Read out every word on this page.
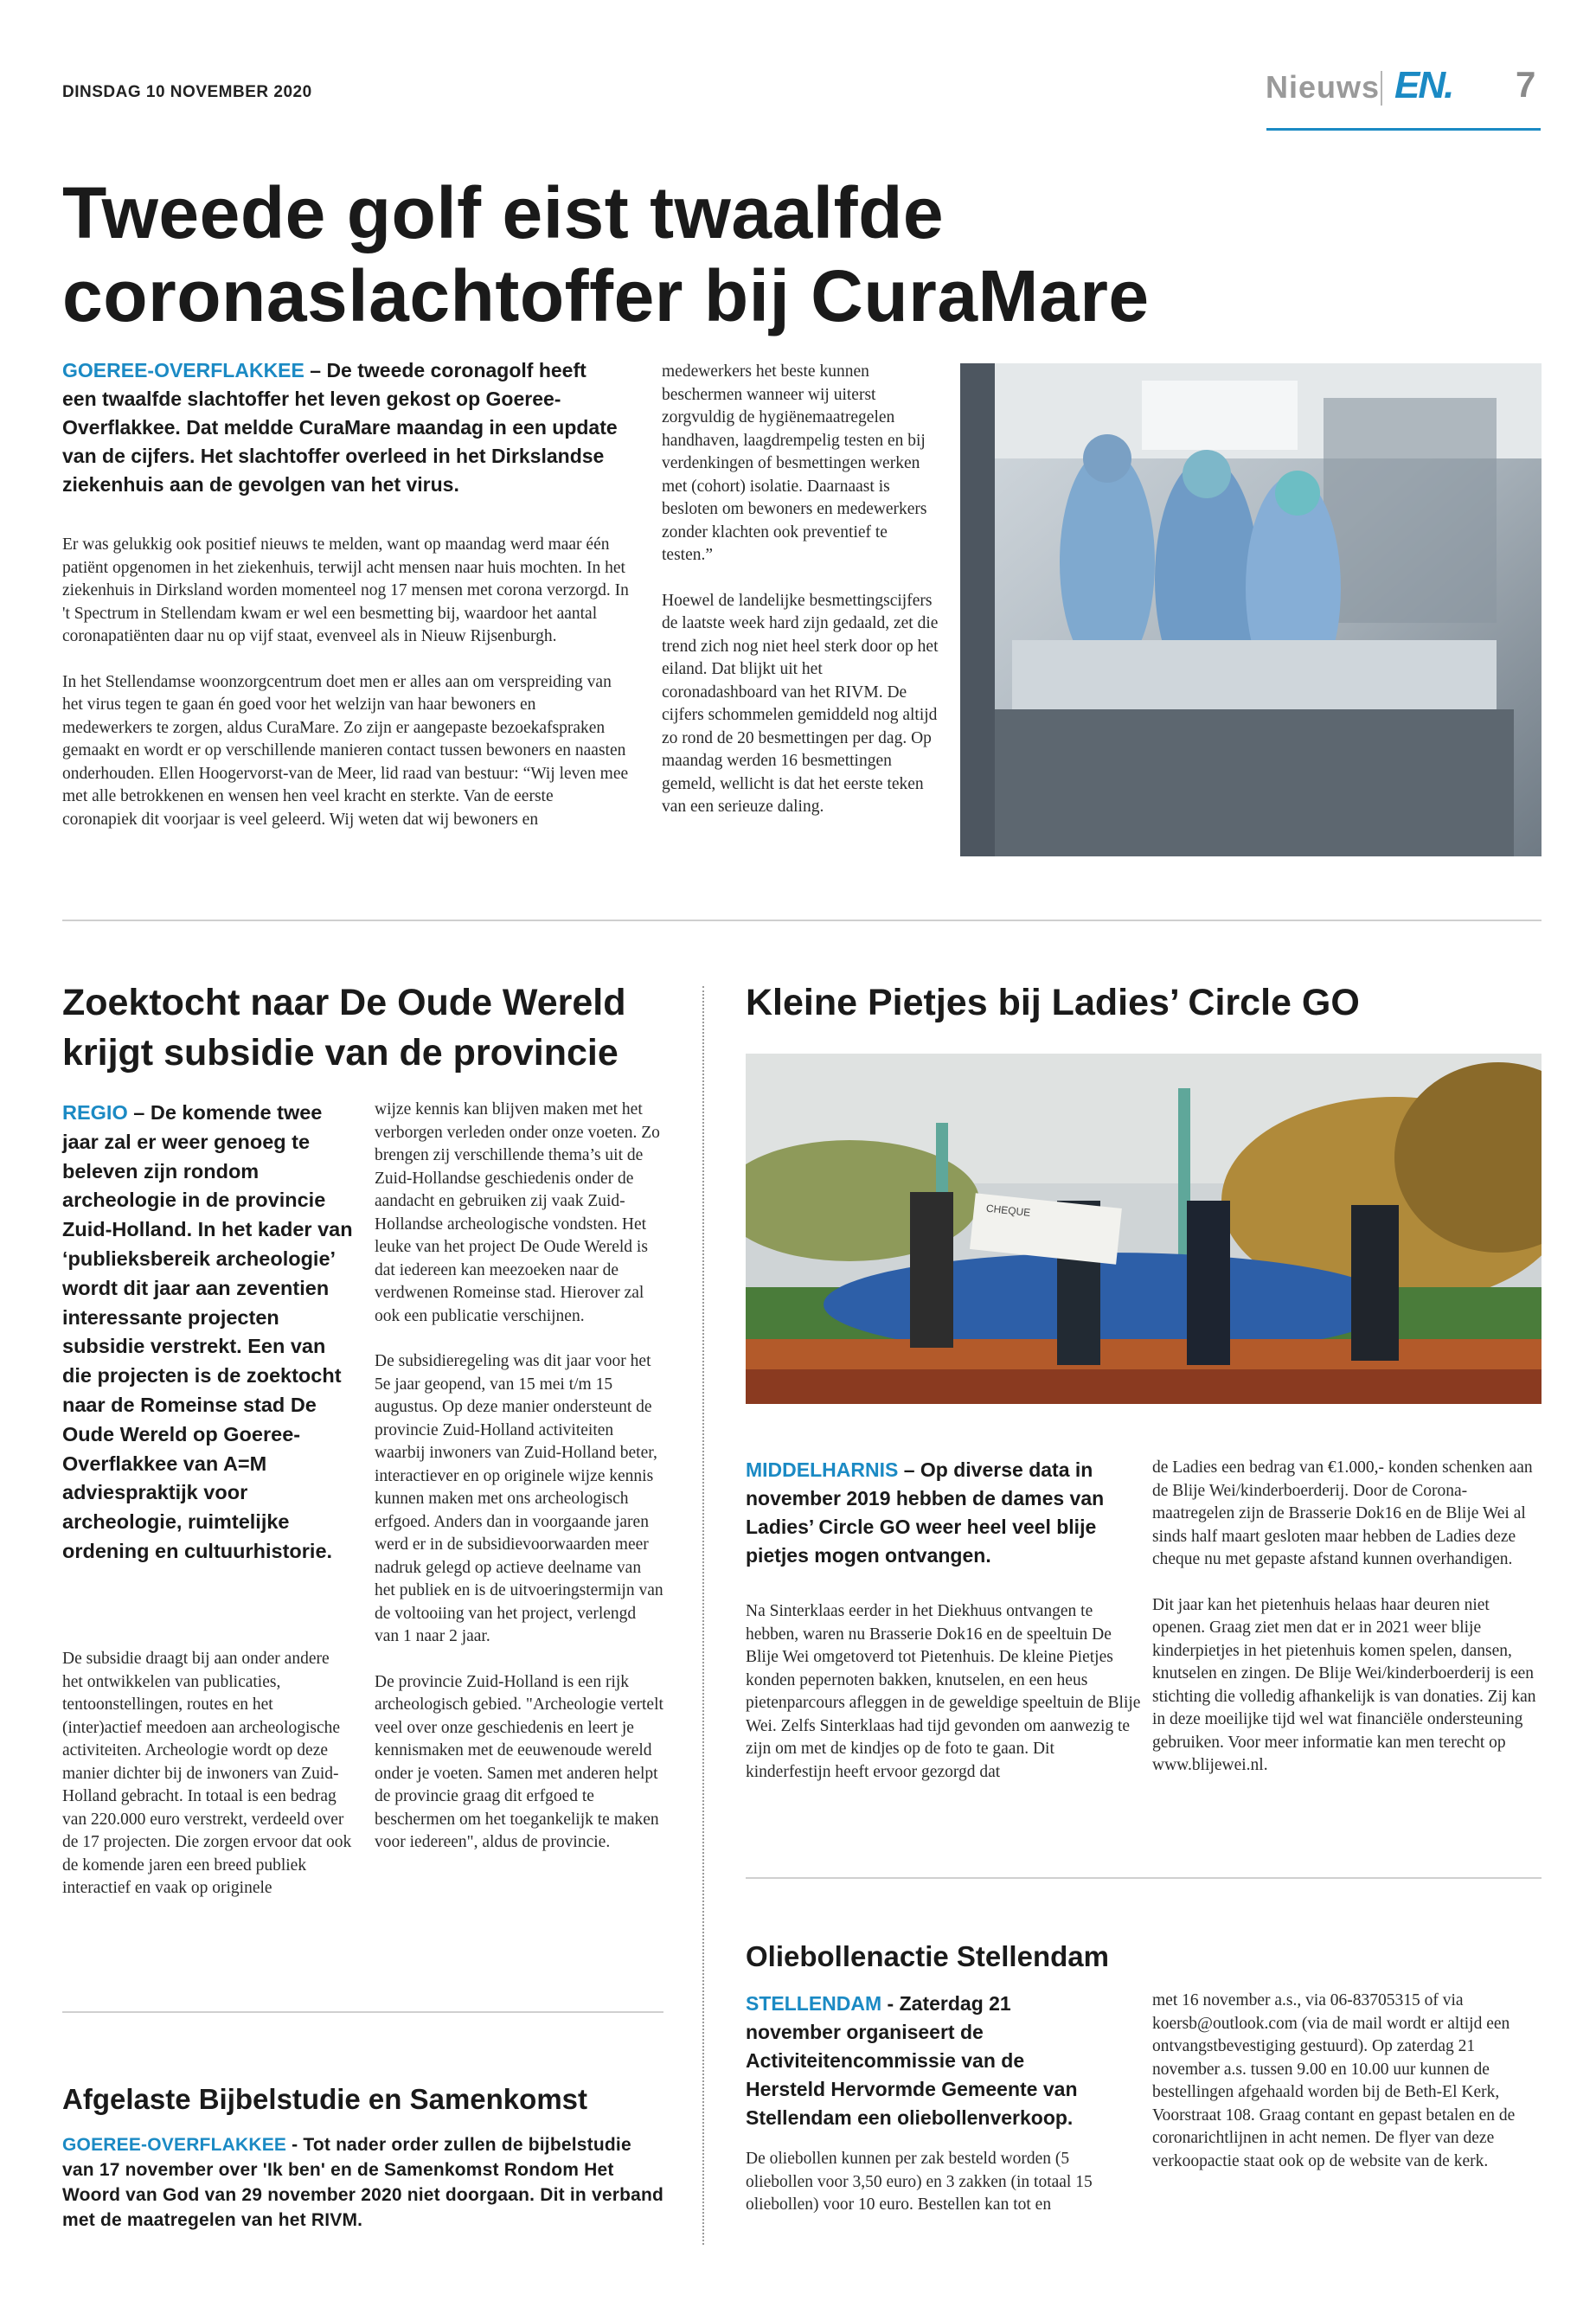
DINSDAG 10 NOVEMBER 2020	Nieuws EN. 7
Tweede golf eist twaalfde coronaslachtoffer bij CuraMare
GOEREE-OVERFLAKKEE – De tweede coronagolf heeft een twaalfde slachtoffer het leven gekost op Goeree-Overflakkee. Dat meldde CuraMare maandag in een update van de cijfers. Het slachtoffer overleed in het Dirkslandse ziekenhuis aan de gevolgen van het virus.

Er was gelukkig ook positief nieuws te melden, want op maandag werd maar één patiënt opgenomen in het ziekenhuis, terwijl acht mensen naar huis mochten. In het ziekenhuis in Dirksland worden momenteel nog 17 mensen met corona verzorgd. In 't Spectrum in Stellendam kwam er wel een besmetting bij, waardoor het aantal coronapatiënten daar nu op vijf staat, evenveel als in Nieuw Rijsenburgh.

In het Stellendamse woonzorgcentrum doet men er alles aan om verspreiding van het virus tegen te gaan én goed voor het welzijn van haar bewoners en medewerkers te zorgen, aldus CuraMare. Zo zijn er aangepaste bezoekafspraken gemaakt en wordt er op verschillende manieren contact tussen bewoners en naasten onderhouden. Ellen Hoogervorst-van de Meer, lid raad van bestuur: “Wij leven mee met alle betrokkenen en wensen hen veel kracht en sterkte. Van de eerste coronapiek dit voorjaar is veel geleerd. Wij weten dat wij bewoners en

medewerkers het beste kunnen beschermen wanneer wij uiterst zorgvuldig de hygiënemaatregelen handhaven, laagdrempelig testen en bij verdenkingen of besmettingen werken met (cohort) isolatie. Daarnaast is besloten om bewoners en medewerkers zonder klachten ook preventief te testen.”

Hoewel de landelijke besmettingscijfers de laatste week hard zijn gedaald, zet die trend zich nog niet heel sterk door op het eiland. Dat blijkt uit het coronadashboard van het RIVM. De cijfers schommelen gemiddeld nog altijd zo rond de 20 besmettingen per dag. Op maandag werden 16 besmettingen gemeld, wellicht is dat het eerste teken van een serieuze daling.

Zoektocht naar De Oude Wereld krijgt subsidie van de provincie
REGIO – De komende twee jaar zal er weer genoeg te beleven zijn rondom archeologie in de provincie Zuid-Holland. In het kader van ‘publieksbereik archeologie’ wordt dit jaar aan zeventien interessante projecten subsidie verstrekt. Een van die projecten is de zoektocht naar de Romeinse stad De Oude Wereld op Goeree-Overflakkee van A=M adviespraktijk voor archeologie, ruimtelijke ordening en cultuurhistorie.

De subsidie draagt bij aan onder andere het ontwikkelen van publicaties, tentoonstellingen, routes en het (inter)actief meedoen aan archeologische activiteiten. Archeologie wordt op deze manier dichter bij de inwoners van Zuid-Holland gebracht. In totaal is een bedrag van 220.000 euro verstrekt, verdeeld over de 17 projecten. Die zorgen ervoor dat ook de komende jaren een breed publiek interactief en vaak op originele

wijze kennis kan blijven maken met het verborgen verleden onder onze voeten. Zo brengen zij verschillende thema’s uit de Zuid-Hollandse geschiedenis onder de aandacht en gebruiken zij vaak Zuid-Hollandse archeologische vondsten. Het leuke van het project De Oude Wereld is dat iedereen kan meezoeken naar de verdwenen Romeinse stad. Hierover zal ook een publicatie verschijnen.

De subsidieregeling was dit jaar voor het 5e jaar geopend, van 15 mei t/m 15 augustus. Op deze manier ondersteunt de provincie Zuid-Holland activiteiten waarbij inwoners van Zuid-Holland beter, interactiever en op originele wijze kennis kunnen maken met ons archeologisch erfgoed. Anders dan in voorgaande jaren werd er in de subsidievoorwaarden meer nadruk gelegd op actieve deelname van het publiek en is de uitvoeringstermijn van de voltooiing van het project, verlengd van 1 naar 2 jaar.

De provincie Zuid-Holland is een rijk archeologisch gebied. "Archeologie vertelt veel over onze geschiedenis en leert je kennismaken met de eeuwenoude wereld onder je voeten. Samen met anderen helpt de provincie graag dit erfgoed te beschermen om het toegankelijk te maken voor iedereen", aldus de provincie.

Kleine Pietjes bij Ladies’ Circle GO
CHEQUE
MIDDELHARNIS – Op diverse data in november 2019 hebben de dames van Ladies’ Circle GO weer heel veel blije pietjes mogen ontvangen.

Na Sinterklaas eerder in het Diekhuus ontvangen te hebben, waren nu Brasserie Dok16 en de speeltuin De Blije Wei omgetoverd tot Pietenhuis. De kleine Pietjes konden pepernoten bakken, knutselen, en een heus pietenparcours afleggen in de geweldige speeltuin de Blije Wei. Zelfs Sinterklaas had tijd gevonden om aanwezig te zijn om met de kindjes op de foto te gaan. Dit kinderfestijn heeft ervoor gezorgd dat

de Ladies een bedrag van €1.000,- konden schenken aan de Blije Wei/kinderboerderij. Door de Corona-maatregelen zijn de Brasserie Dok16 en de Blije Wei al sinds half maart gesloten maar hebben de Ladies deze cheque nu met gepaste afstand kunnen overhandigen.

Dit jaar kan het pietenhuis helaas haar deuren niet openen. Graag ziet men dat er in 2021 weer blije kinderpietjes in het pietenhuis komen spelen, dansen, knutselen en zingen. De Blije Wei/kinderboerderij is een stichting die volledig afhankelijk is van donaties. Zij kan in deze moeilijke tijd wel wat financiële ondersteuning gebruiken. Voor meer informatie kan men terecht op www.blijewei.nl.

Afgelaste Bijbelstudie en Samenkomst
GOEREE-OVERFLAKKEE - Tot nader order zullen de bijbelstudie van 17 november over 'Ik ben' en de Samenkomst Rondom Het Woord van God van 29 november 2020 niet doorgaan. Dit in verband met de maatregelen van het RIVM.
Oliebollenactie Stellendam
STELLENDAM - Zaterdag 21 november organiseert de Activiteitencommissie van de Hersteld Hervormde Gemeente van Stellendam een oliebollenverkoop.

De oliebollen kunnen per zak besteld worden (5 oliebollen voor 3,50 euro) en 3 zakken (in totaal 15 oliebollen) voor 10 euro. Bestellen kan tot en

met 16 november a.s., via 06-83705315 of via koersb@outlook.com (via de mail wordt er altijd een ontvangstbevestiging gestuurd). Op zaterdag 21 november a.s. tussen 9.00 en 10.00 uur kunnen de bestellingen afgehaald worden bij de Beth-El Kerk, Voorstraat 108. Graag contant en gepast betalen en de coronarichtlijnen in acht nemen. De flyer van deze verkoopactie staat ook op de website van de kerk.
